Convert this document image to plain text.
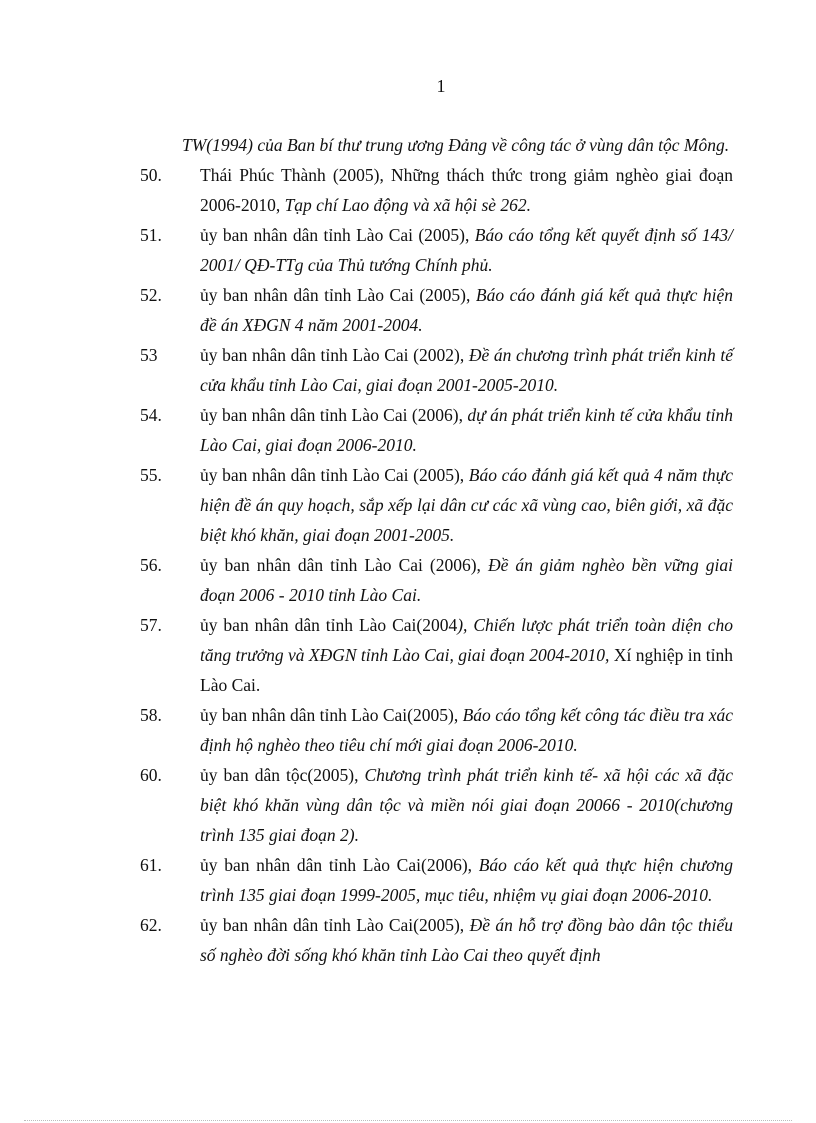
1
TW(1994) của Ban bí thư trung ương Đảng về công tác ở vùng dân tộc Mông.
50.	Thái Phúc Thành (2005), Những thách thức trong giảm nghèo giai đoạn 2006-2010, Tạp chí Lao động và xã hội sè 262.
51.	ủy ban nhân dân tỉnh Lào Cai (2005), Báo cáo tổng kết quyết định số 143/ 2001/ QĐ-TTg của Thủ tướng Chính phủ.
52.	ủy ban nhân dân tỉnh Lào Cai (2005), Báo cáo đánh giá kết quả thực hiện đề án XĐGN 4 năm 2001-2004.
53	ủy ban nhân dân tỉnh Lào Cai (2002), Đề án chương trình phát triển kinh tế cửa khẩu tỉnh Lào Cai, giai đoạn 2001-2005-2010.
54.	ủy ban nhân dân tỉnh Lào Cai (2006), dự án phát triển kinh tế cửa khẩu tỉnh Lào Cai, giai đoạn 2006-2010.
55.	ủy ban nhân dân tỉnh Lào Cai (2005), Báo cáo đánh giá kết quả 4 năm thực hiện đề án quy hoạch, sắp xếp lại dân cư các xã vùng cao, biên giới, xã đặc biệt khó khăn, giai đoạn 2001-2005.
56.	ủy ban nhân dân tỉnh Lào Cai (2006), Đề án giảm nghèo bền vững giai đoạn 2006 - 2010 tỉnh Lào Cai.
57.	ủy ban nhân dân tỉnh Lào Cai(2004), Chiến lược phát triển toàn diện cho tăng trưởng và XĐGN tỉnh Lào Cai, giai đoạn 2004-2010, Xí nghiệp in tỉnh Lào Cai.
58.	ủy ban nhân dân tỉnh Lào Cai(2005), Báo cáo tổng kết công tác điều tra xác định hộ nghèo theo tiêu chí mới giai đoạn 2006-2010.
60.	ủy ban dân tộc(2005), Chương trình phát triển kinh tế- xã hội các xã đặc biệt khó khăn vùng dân tộc và miền nói giai đoạn 20066 - 2010(chương trình 135 giai đoạn 2).
61.	ủy ban nhân dân tỉnh Lào Cai(2006), Báo cáo kết quả thực hiện chương trình 135 giai đoạn 1999-2005, mục tiêu, nhiệm vụ giai đoạn 2006-2010.
62.	ủy ban nhân dân tỉnh Lào Cai(2005), Đề án hỗ trợ đồng bào dân tộc thiểu số nghèo đời sống khó khăn tỉnh Lào Cai theo quyết định
